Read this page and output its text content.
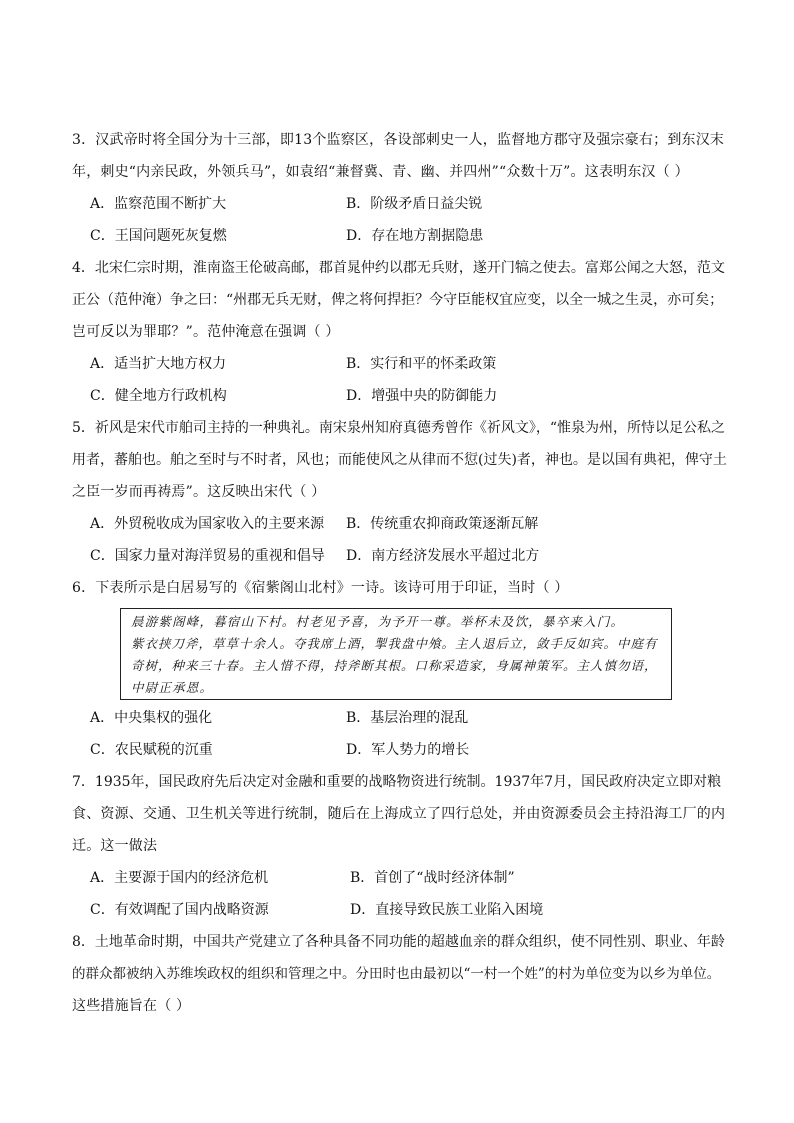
3．汉武帝时将全国分为十三部，即13个监察区，各设部刺史一人，监督地方郡守及强宗豪右；到东汉末
年，刺史“内亲民政，外领兵马”，如袁绍“兼督冀、青、幽、并四州”“众数十万”。这表明东汉（ ）
A．监察范围不断扩大	B．阶级矛盾日益尖锐
C．王国问题死灰复燃	D．存在地方割据隐患
4．北宋仁宗时期，淮南盗王伦破高邮，郡首晁仲约以郡无兵财，遂开门犒之使去。富郑公闻之大怒，范文
正公（范仲淹）争之曰：“州郡无兵无财，俾之将何捍拒？今守臣能权宜应变，以全一城之生灵，亦可矣；
岂可反以为罪耶？”。范仲淹意在强调（ ）
A．适当扩大地方权力	B．实行和平的怀柔政策
C．健全地方行政机构	D．增强中央的防御能力
5．祈风是宋代市舶司主持的一种典礼。南宋泉州知府真德秀曾作《祈风文》，“惟泉为州，所恃以足公私之
用者，蕃舶也。舶之至时与不时者，风也；而能使风之从律而不愆(过失)者，神也。是以国有典祀，俾守土
之臣一岁而再祷焉”。这反映出宋代（ ）
A．外贸税收成为国家收入的主要来源 B．传统重农抑商政策逐渐瓦解
C．国家力量对海洋贸易的重视和倡导 D．南方经济发展水平超过北方
6．下表所示是白居易写的《宿紫阁山北村》一诗。该诗可用于印证，当时（ ）
晨游紫阁峰，暮宿山下村。村老见予喜，为予开一尊。举杯未及饮，暴卒来入门。
紫衣挟刀斧，草草十余人。夺我席上酒，掣我盘中飧。主人退后立，敛手反如宾。中庭有
奇树，种来三十春。主人惜不得，持斧断其根。口称采造家，身属神策军。主人慎勿语，
中尉正承恩。
A．中央集权的强化	B．基层治理的混乱
C．农民赋税的沉重	D．军人势力的增长
7．1935年，国民政府先后决定对金融和重要的战略物资进行统制。1937年7月，国民政府决定立即对粮
食、资源、交通、卫生机关等进行统制，随后在上海成立了四行总处，并由资源委员会主持沿海工厂的内
迁。这一做法
A．主要源于国内的经济危机	B．首创了“战时经济体制”
C．有效调配了国内战略资源	D．直接导致民族工业陷入困境
8．土地革命时期，中国共产党建立了各种具备不同功能的超越血亲的群众组织，使不同性别、职业、年龄
的群众都被纳入苏维埃政权的组织和管理之中。分田时也由最初以“一村一个姓”的村为单位变为以乡为单位。
这些措施旨在（ ）
